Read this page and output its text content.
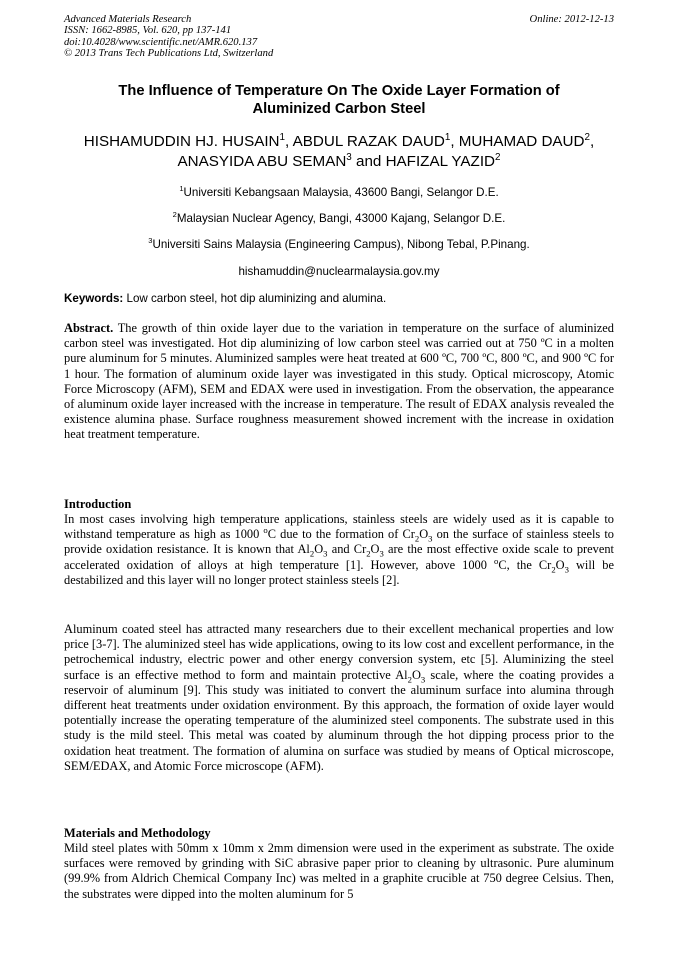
Advanced Materials Research
ISSN: 1662-8985, Vol. 620, pp 137-141
doi:10.4028/www.scientific.net/AMR.620.137
© 2013 Trans Tech Publications Ltd, Switzerland
Online: 2012-12-13
The Influence of Temperature On The Oxide Layer Formation of
Aluminized Carbon Steel
HISHAMUDDIN HJ. HUSAIN$^1$, ABDUL RAZAK DAUD$^1$, MUHAMAD DAUD$^2$,
ANASYIDA ABU SEMAN$^3$ and HAFIZAL YAZID$^2$
$^1$Universiti Kebangsaan Malaysia, 43600 Bangi, Selangor D.E.
$^2$Malaysian Nuclear Agency, Bangi, 43000 Kajang, Selangor D.E.
$^3$Universiti Sains Malaysia (Engineering Campus), Nibong Tebal, P.Pinang.
hishamuddin@nuclearmalaysia.gov.my
Keywords: Low carbon steel, hot dip aluminizing and alumina.
Abstract. The growth of thin oxide layer due to the variation in temperature on the surface of aluminized carbon steel was investigated. Hot dip aluminizing of low carbon steel was carried out at 750 ºC in a molten pure aluminum for 5 minutes. Aluminized samples were heat treated at 600 ºC, 700 ºC, 800 ºC, and 900 ºC for 1 hour. The formation of aluminum oxide layer was investigated in this study. Optical microscopy, Atomic Force Microscopy (AFM), SEM and EDAX were used in investigation. From the observation, the appearance of aluminum oxide layer increased with the increase in temperature. The result of EDAX analysis revealed the existence alumina phase. Surface roughness measurement showed increment with the increase in oxidation heat treatment temperature.
Introduction
In most cases involving high temperature applications, stainless steels are widely used as it is capable to withstand temperature as high as 1000 $^o$C due to the formation of $Cr_2O_3$ on the surface of stainless steels to provide oxidation resistance. It is known that $Al_2O_3$ and $Cr_2O_3$ are the most effective oxide scale to prevent accelerated oxidation of alloys at high temperature [1]. However, above 1000 $^o$C, the $Cr_2O_3$ will be destabilized and this layer will no longer protect stainless steels [2].
Aluminum coated steel has attracted many researchers due to their excellent mechanical properties and low price [3-7]. The aluminized steel has wide applications, owing to its low cost and excellent performance, in the petrochemical industry, electric power and other energy conversion system, etc [5]. Aluminizing the steel surface is an effective method to form and maintain protective $Al_2O_3$ scale, where the coating provides a reservoir of aluminum [9]. This study was initiated to convert the aluminum surface into alumina through different heat treatments under oxidation environment. By this approach, the formation of oxide layer would potentially increase the operating temperature of the aluminized steel components. The substrate used in this study is the mild steel. This metal was coated by aluminum through the hot dipping process prior to the oxidation heat treatment. The formation of alumina on surface was studied by means of Optical microscope, SEM/EDAX, and Atomic Force microscope (AFM).
Materials and Methodology
Mild steel plates with 50mm x 10mm x 2mm dimension were used in the experiment as substrate. The oxide surfaces were removed by grinding with SiC abrasive paper prior to cleaning by ultrasonic. Pure aluminum (99.9% from Aldrich Chemical Company Inc) was melted in a graphite crucible at 750 degree Celsius. Then, the substrates were dipped into the molten aluminum for 5
